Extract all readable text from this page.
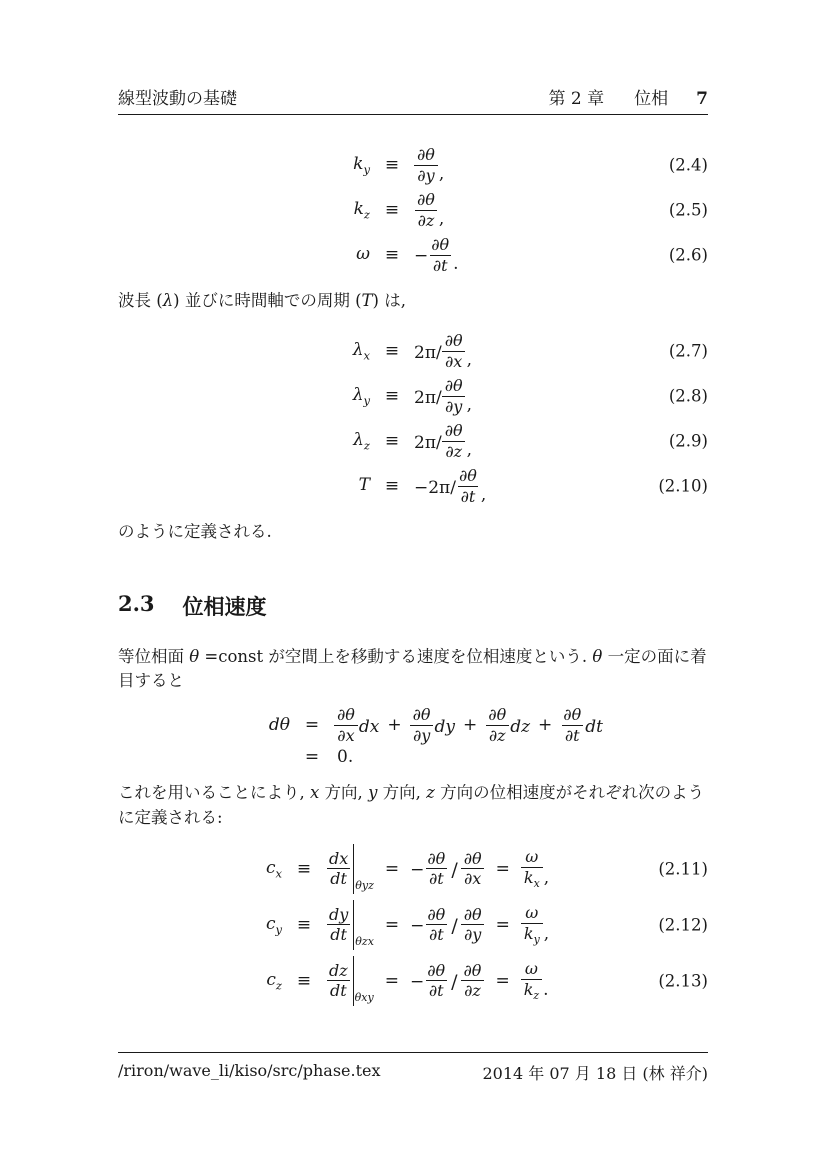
線型波動の基礎	第 2 章 位相 7
$k_y \equiv \frac{\partial\theta}{\partial y}$ ,	(2.4)
$k_z \equiv \frac{\partial\theta}{\partial z}$ ,	(2.5)
ω ≡ − $\frac{\partial\theta}{\partial t}$ .	(2.6)

波長 (λ) 並びに時間軸での周期 (T) は,

$\lambda_x \equiv 2\pi/ \frac{\partial\theta}{\partial x}$ ,	(2.7)
$\lambda_y \equiv 2\pi/ \frac{\partial\theta}{\partial y}$ ,	(2.8)
$\lambda_z \equiv 2\pi/ \frac{\partial\theta}{\partial z}$ ,	(2.9)
$T \equiv -2\pi/ \frac{\partial\theta}{\partial t}$ ,	(2.10)

のように定義される.

2.3 位相速度

等位相面 θ =const が空間上を移動する速度を位相速度という. θ 一定の面に着目すると

$d\theta = \frac{\partial\theta}{\partial x}$ dx + $\frac{\partial\theta}{\partial y}$ dy + $\frac{\partial\theta}{\partial z}$ dz + $\frac{\partial\theta}{\partial t}$ dt
=	0.

これを用いることにより, x 方向, y 方向, z 方向の位相速度がそれぞれ次のように定義される:

$c_x \equiv \frac{dx}{dt} _{\theta yz}$
= − $\frac{\partial\theta}{\partial t} / \frac{\partial\theta}{\partial x} = \frac{\omega}{k_x}$ ,	(2.11)
$c_y \equiv \frac{dy}{dt} _{\theta zx}$
= − $\frac{\partial\theta}{\partial t} / \frac{\partial\theta}{\partial y} = \frac{\omega}{k_y}$ ,	(2.12)
$c_z \equiv \frac{dz}{dt} _{\theta xy}$
= − $\frac{\partial\theta}{\partial t} / \frac{\partial\theta}{\partial z} = \frac{\omega}{k_z}$ .	(2.13)
/riron/wave_li/kiso/src/phase.tex	2014 年 07 月 18 日 (林 祥介)
